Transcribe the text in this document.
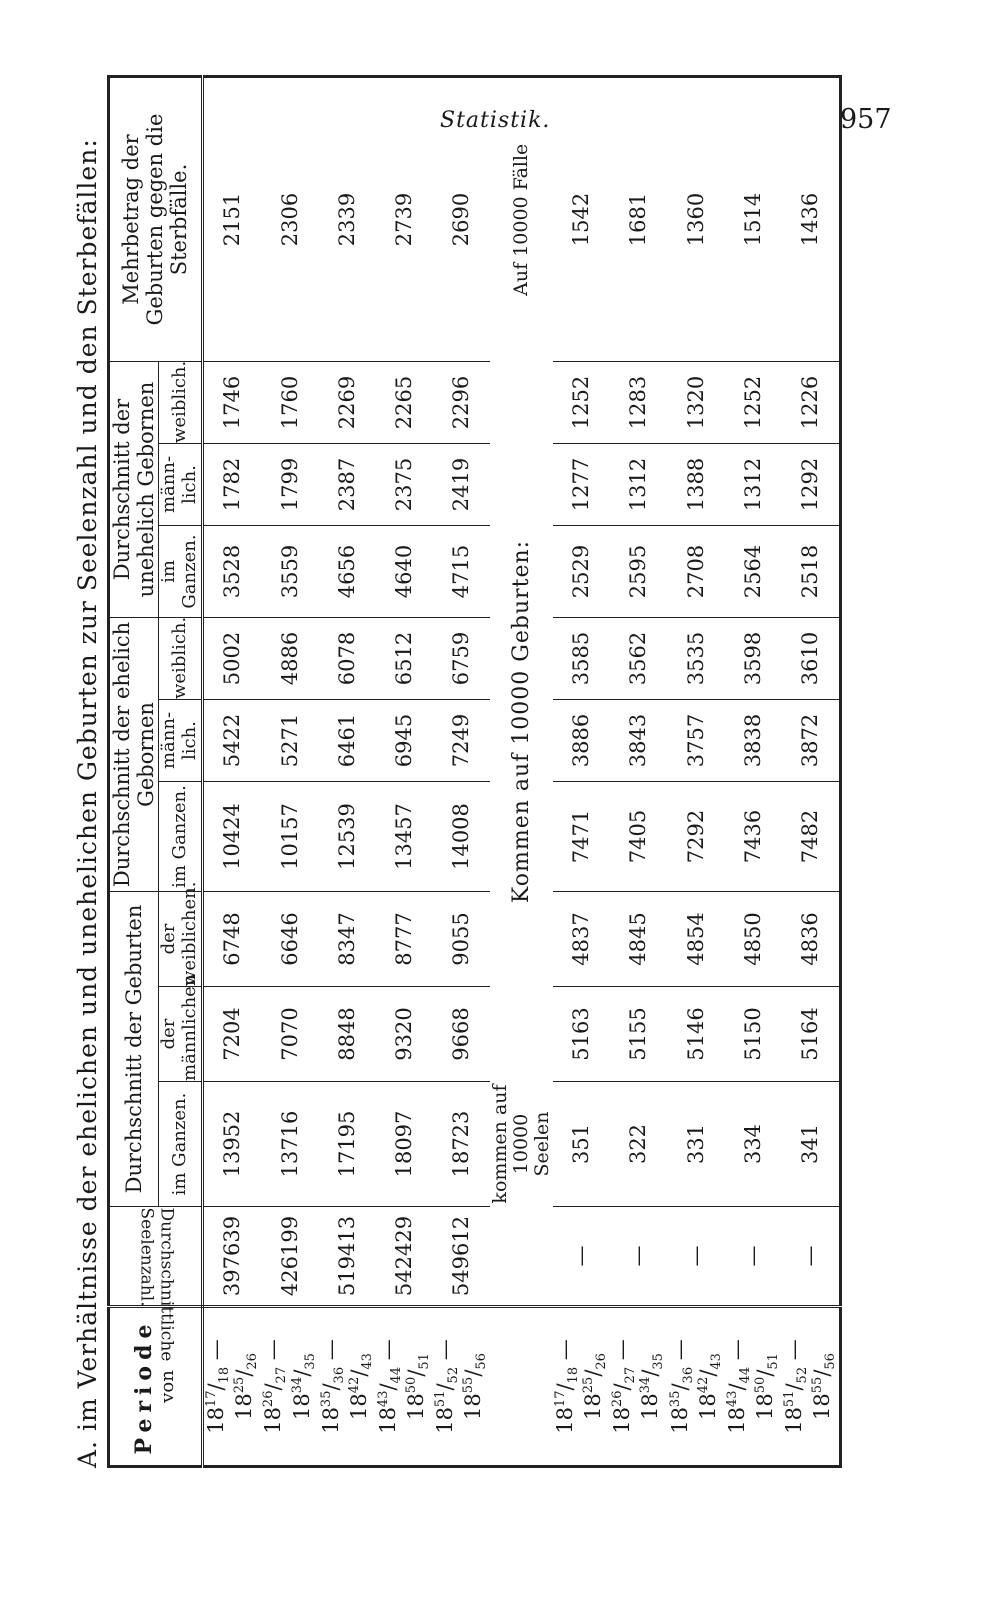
Statistik.	957
A. im Verhältnisse der ehelichen und unehelichen Geburten zur Seelenzahl und den Sterbefällen: Periode von	Durchschnittliche Seelenzahl.	Durchschnitt der Geburten			Durchschnitt der ehelich Gebornen			Durchschnitt der unehelich Gebornen			Mehrbetrag der Geburten gegen die Sterbfälle.
		im Ganzen.	der männlichen	der weiblichen.	im Ganzen.	männ-lich.	weiblich.	im Ganzen.	männ-lich.	weiblich.	
$18^{17}/_{18}$ — $18^{25}/_{26}$	397639	13952	7204	6748	10424	5422	5002	3528	1782	1746	2151
$18^{26}/_{27}$ — $18^{34}/_{35}$	426199	13716	7070	6646	10157	5271	4886	3559	1799	1760	2306
$18^{35}/_{36}$ — $18^{42}/_{43}$	519413	17195	8848	8347	12539	6461	6078	4656	2387	2269	2339
$18^{43}/_{44}$ — $18^{50}/_{51}$	542429	18097	9320	8777	13457	6945	6512	4640	2375	2265	2739
$18^{51}/_{52}$ — $18^{55}/_{56}$	549612	18723	9668	9055	14008	7249	6759	4715	2419	2296	2690
		kommen auf 10000 Seelen	Kommen auf 10000 Geburten:								Auf 10000 Fälle
$18^{17}/_{18}$ — $18^{25}/_{26}$	—	351	5163	4837	7471	3886	3585	2529	1277	1252	1542
$18^{26}/_{27}$ — $18^{34}/_{35}$	—	322	5155	4845	7405	3843	3562	2595	1312	1283	1681
$18^{35}/_{36}$ — $18^{42}/_{43}$	—	331	5146	4854	7292	3757	3535	2708	1388	1320	1360
$18^{43}/_{44}$ — $18^{50}/_{51}$	—	334	5150	4850	7436	3838	3598	2564	1312	1252	1514
$18^{51}/_{52}$ — $18^{55}/_{56}$	—	341	5164	4836	7482	3872	3610	2518	1292	1226	1436
